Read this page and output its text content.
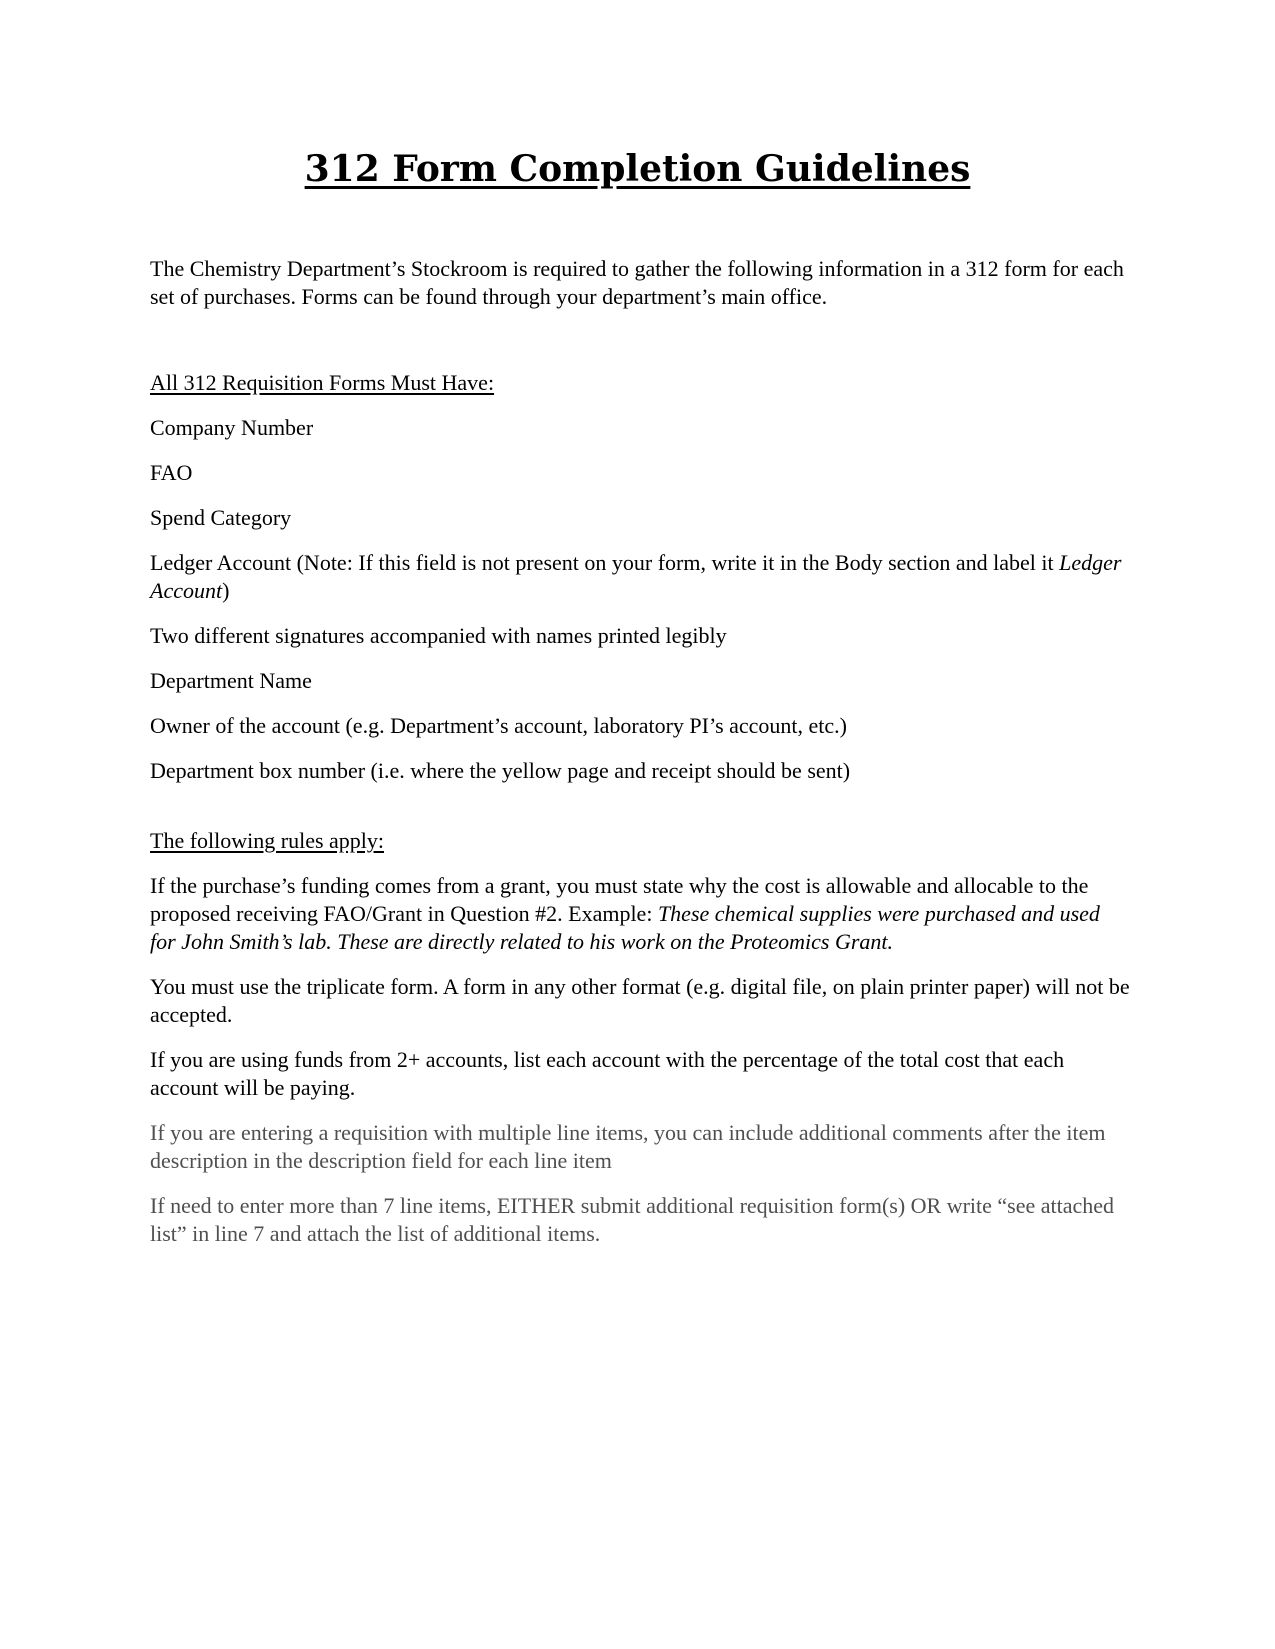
312 Form Completion Guidelines

The Chemistry Department’s Stockroom is required to gather the following information in a 312 form for each set of purchases. Forms can be found through your department’s main office.

All 312 Requisition Forms Must Have:

Company Number

FAO

Spend Category

Ledger Account (Note: If this field is not present on your form, write it in the Body section and label it Ledger Account)

Two different signatures accompanied with names printed legibly

Department Name

Owner of the account (e.g. Department’s account, laboratory PI’s account, etc.)

Department box number (i.e. where the yellow page and receipt should be sent)

The following rules apply:

If the purchase’s funding comes from a grant, you must state why the cost is allowable and allocable to the proposed receiving FAO/Grant in Question #2. Example: These chemical supplies were purchased and used for John Smith’s lab. These are directly related to his work on the Proteomics Grant.

You must use the triplicate form. A form in any other format (e.g. digital file, on plain printer paper) will not be accepted.

If you are using funds from 2+ accounts, list each account with the percentage of the total cost that each account will be paying.

If you are entering a requisition with multiple line items, you can include additional comments after the item description in the description field for each line item

If need to enter more than 7 line items, EITHER submit additional requisition form(s) OR write “see attached list” in line 7 and attach the list of additional items.
